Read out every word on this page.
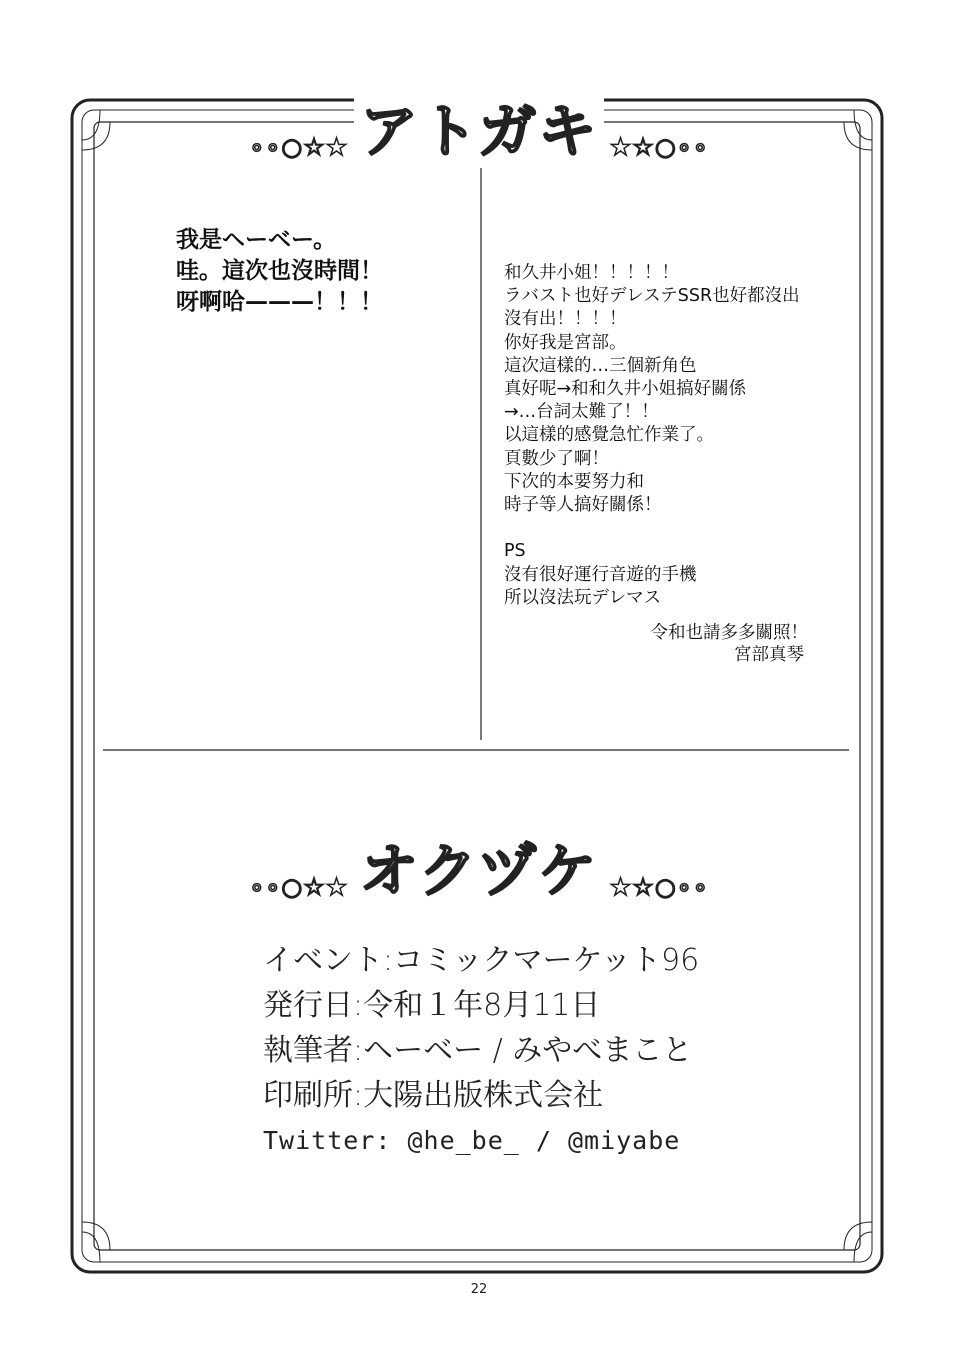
∘∘○☆★ アトガキ ★☆○∘∘
我是ヘーベー。
哇。這次也沒時間！
呀啊哈———！！！
和久井小姐！！！！！
ラバスト也好デレステSSR也好都沒出
沒有出！！！！
你好我是宮部。
這次這樣的…三個新角色
真好呢→和和久井小姐搞好關係
→…台詞太難了！！
以這樣的感覺急忙作業了。
頁數少了啊！
下次的本要努力和
時子等人搞好關係！
PS
沒有很好運行音遊的手機
所以沒法玩デレマス
令和也請多多關照！
宮部真琴
∘∘○☆★ オクヅケ ★☆○∘∘
イベント:コミックマーケット96
発行日:令和１年8月11日
執筆者:ヘーベー / みやべまこと
印刷所:大陽出版株式会社
Twitter: @he_be_ / @miyabe
22
